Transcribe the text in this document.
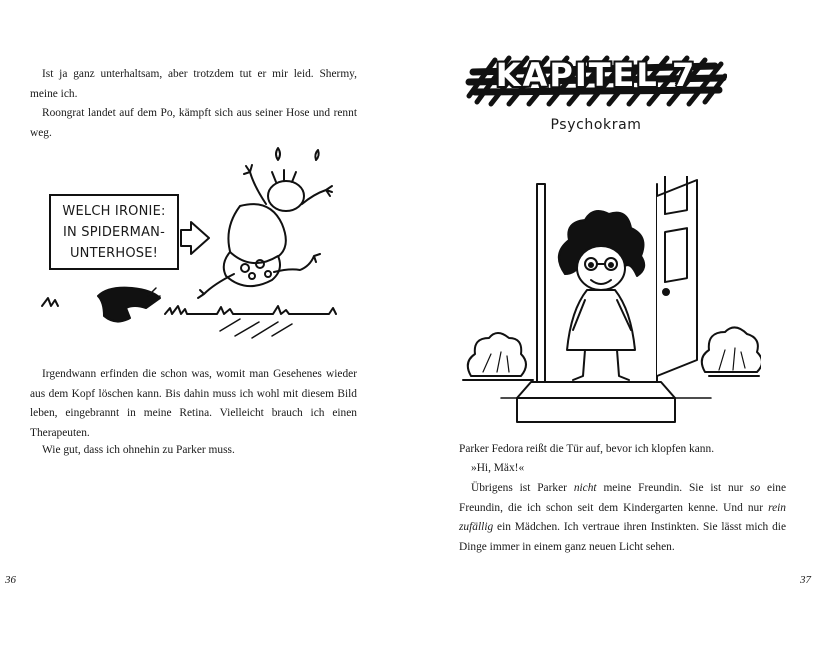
Ist ja ganz unterhaltsam, aber trotzdem tut er mir leid. Shermy, meine ich.

Roongrat landet auf dem Po, kämpft sich aus seiner Hose und rennt weg.

WELCH IRONIE:
IN SPIDERMAN-
UNTERHOSE!

Irgendwann erfinden die schon was, womit man Gesehenes wieder aus dem Kopf löschen kann. Bis dahin muss ich wohl mit diesem Bild leben, eingebrannt in meine Retina. Vielleicht brauch ich einen Therapeuten.

Wie gut, dass ich ohnehin zu Parker muss.

36
KAPITEL 7
Psychokram

Parker Fedora reißt die Tür auf, bevor ich klopfen kann.

»Hi, Mäx!«

Übrigens ist Parker nicht meine Freundin. Sie ist nur so eine Freundin, die ich schon seit dem Kindergarten kenne. Und nur rein zufällig ein Mädchen. Ich vertraue ihren Instinkten. Sie lässt mich die Dinge immer in einem ganz neuen Licht sehen.

37
